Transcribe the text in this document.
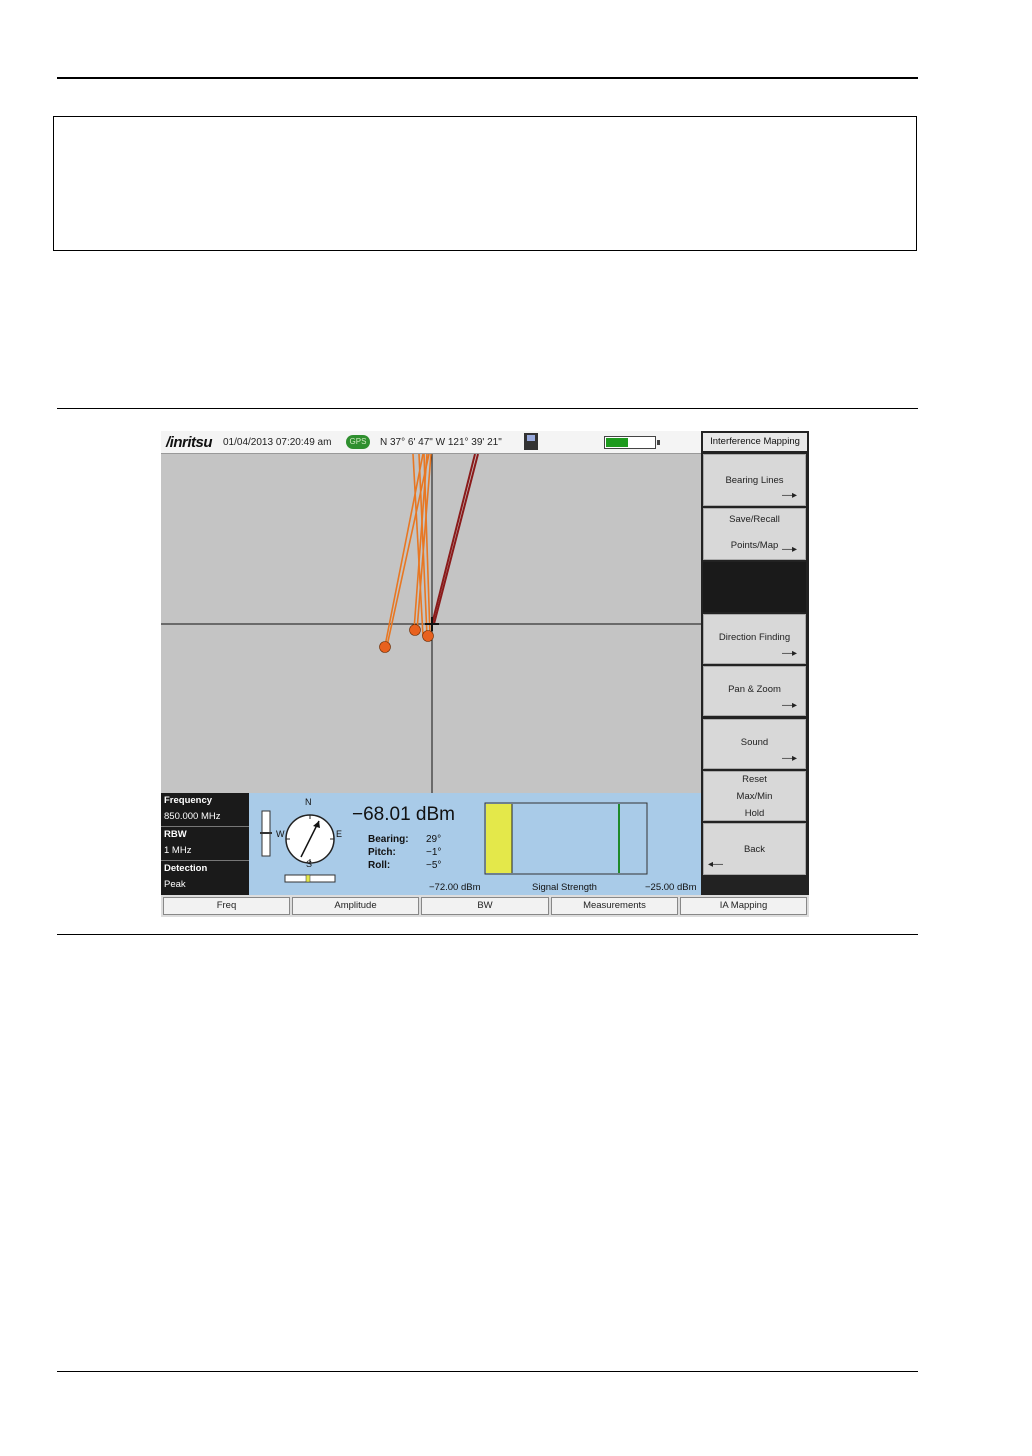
/inritsu 01/04/2013 07:20:49 am	GPS	N 37° 6' 47" W 121° 39' 21"
Frequency
850.000 MHz
RBW
1 MHz
Detection
Peak
N
S
E
W
−68.01 dBm
Bearing: 29°
Pitch:	−1°
Roll:	−5°
−72.00 dBm	Signal Strength	−25.00 dBm
Interference Mapping
Bearing Lines
—▸
Save/Recall
Points/Map —▸
Direction Finding
—▸
Pan & Zoom
—▸
Sound
—▸
Reset
Max/Min
Hold
Back
◂—
Freq	Amplitude	BW	Measurements	IA Mapping
